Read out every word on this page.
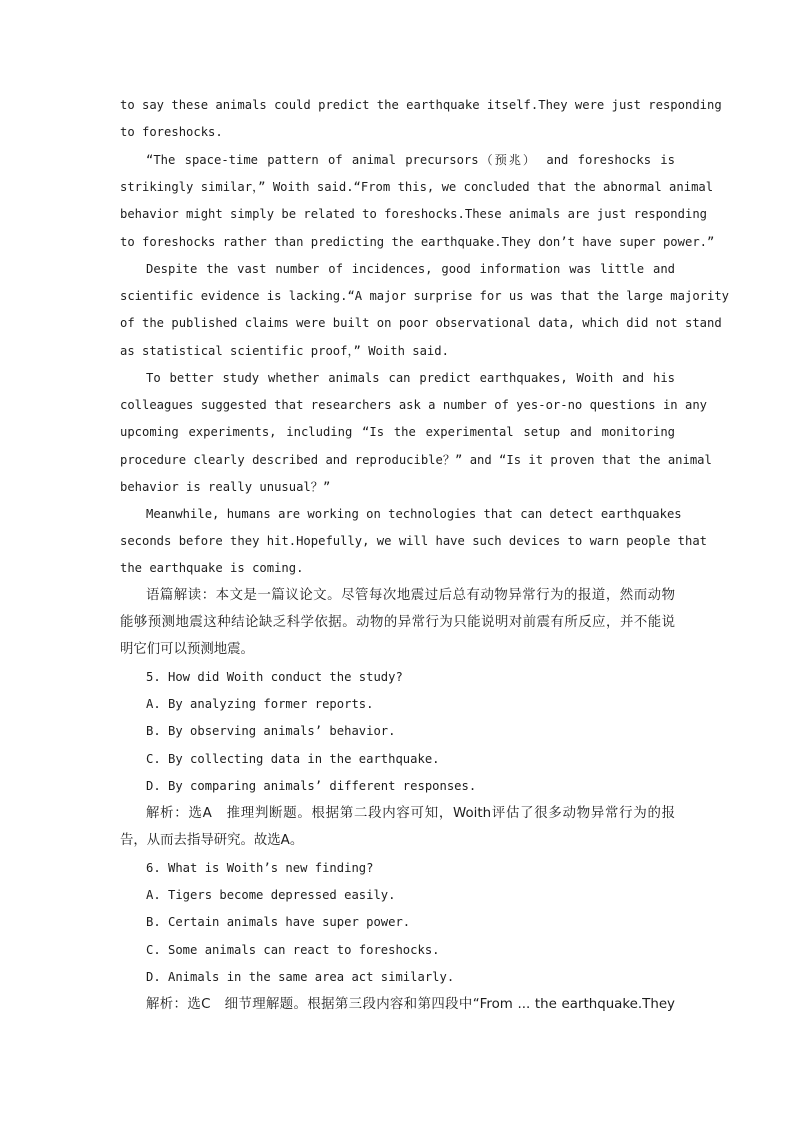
to say these animals could predict the earthquake itself.They were just responding
to foreshocks.
“The space-time pattern of animal precursors（预兆） and foreshocks is
strikingly similar，” Woith said.“From this, we concluded that the abnormal animal
behavior might simply be related to foreshocks.These animals are just responding
to foreshocks rather than predicting the earthquake.They don’t have super power.”
Despite the vast number of incidences, good information was little and
scientific evidence is lacking.“A major surprise for us was that the large majority
of the published claims were built on poor observational data, which did not stand
as statistical scientific proof，” Woith said.
To better study whether animals can predict earthquakes, Woith and his
colleagues suggested that researchers ask a number of yes-or-no questions in any
upcoming experiments, including “Is the experimental setup and monitoring
procedure clearly described and reproducible？” and “Is it proven that the animal
behavior is really unusual？”
Meanwhile, humans are working on technologies that can detect earthquakes
seconds before they hit.Hopefully, we will have such devices to warn people that
the earthquake is coming.
语篇解读：本文是一篇议论文。尽管每次地震过后总有动物异常行为的报道，然而动物
能够预测地震这种结论缺乏科学依据。动物的异常行为只能说明对前震有所反应，并不能说
明它们可以预测地震。
5. How did Woith conduct the study?
A. By analyzing former reports.
B. By observing animals’ behavior.
C. By collecting data in the earthquake.
D. By comparing animals’ different responses.
解析：选A　推理判断题。根据第二段内容可知，Woith评估了很多动物异常行为的报
告，从而去指导研究。故选A。
6. What is Woith’s new finding?
A. Tigers become depressed easily.
B. Certain animals have super power.
C. Some animals can react to foreshocks.
D. Animals in the same area act similarly.
解析：选C　细节理解题。根据第三段内容和第四段中“From ... the earthquake.They
